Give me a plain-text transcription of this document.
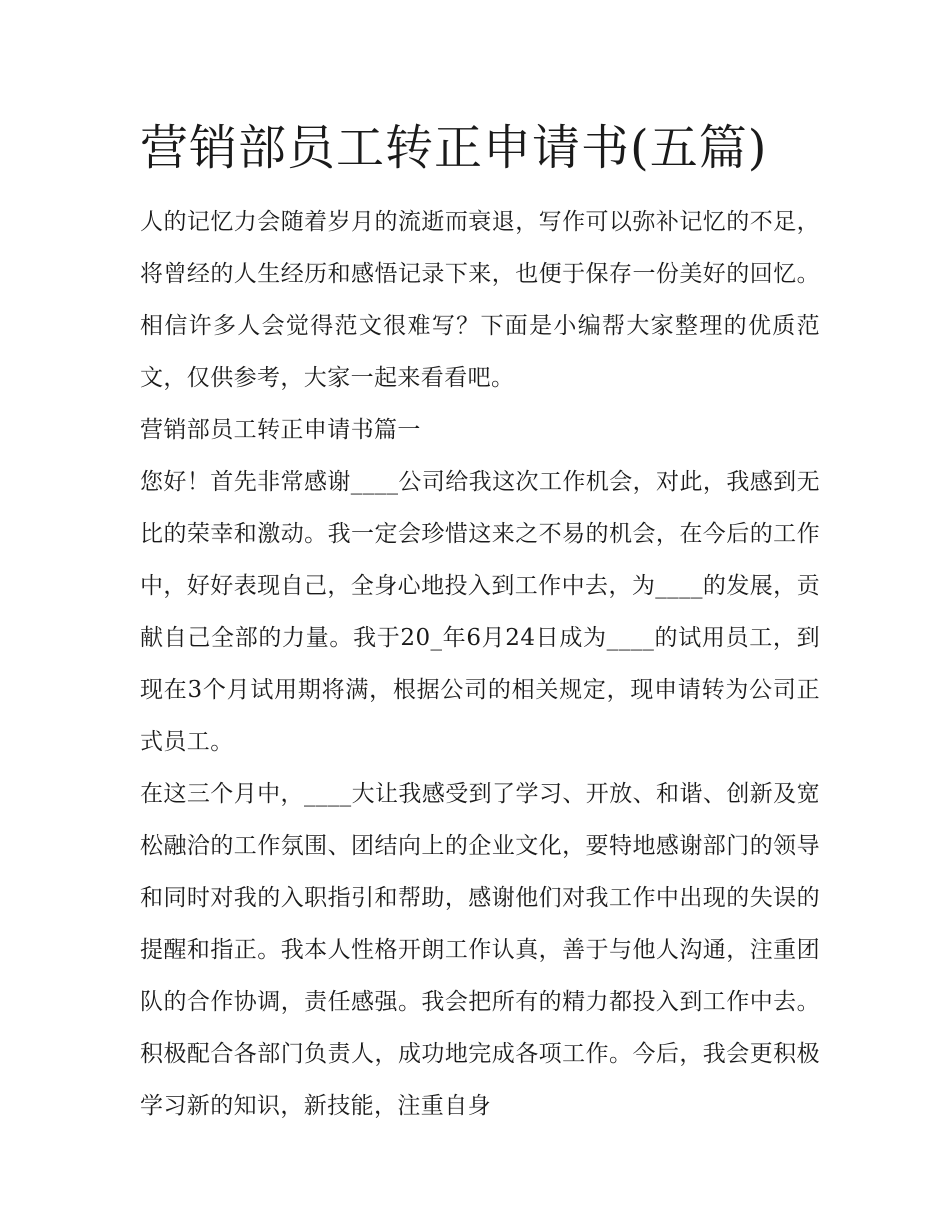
营销部员工转正申请书(五篇)

人的记忆力会随着岁月的流逝而衰退，写作可以弥补记忆的不足，将曾经的人生经历和感悟记录下来，也便于保存一份美好的回忆。相信许多人会觉得范文很难写？下面是小编帮大家整理的优质范文，仅供参考，大家一起来看看吧。

营销部员工转正申请书篇一

您好！首先非常感谢____公司给我这次工作机会，对此，我感到无比的荣幸和激动。我一定会珍惜这来之不易的机会，在今后的工作中，好好表现自己，全身心地投入到工作中去，为____的发展，贡献自己全部的力量。我于20_年6月24日成为____的试用员工，到现在3个月试用期将满，根据公司的相关规定，现申请转为公司正式员工。

在这三个月中，____大让我感受到了学习、开放、和谐、创新及宽松融洽的工作氛围、团结向上的企业文化，要特地感谢部门的领导和同时对我的入职指引和帮助，感谢他们对我工作中出现的失误的提醒和指正。我本人性格开朗工作认真，善于与他人沟通，注重团队的合作协调，责任感强。我会把所有的精力都投入到工作中去。积极配合各部门负责人，成功地完成各项工作。今后，我会更积极学习新的知识，新技能，注重自身
